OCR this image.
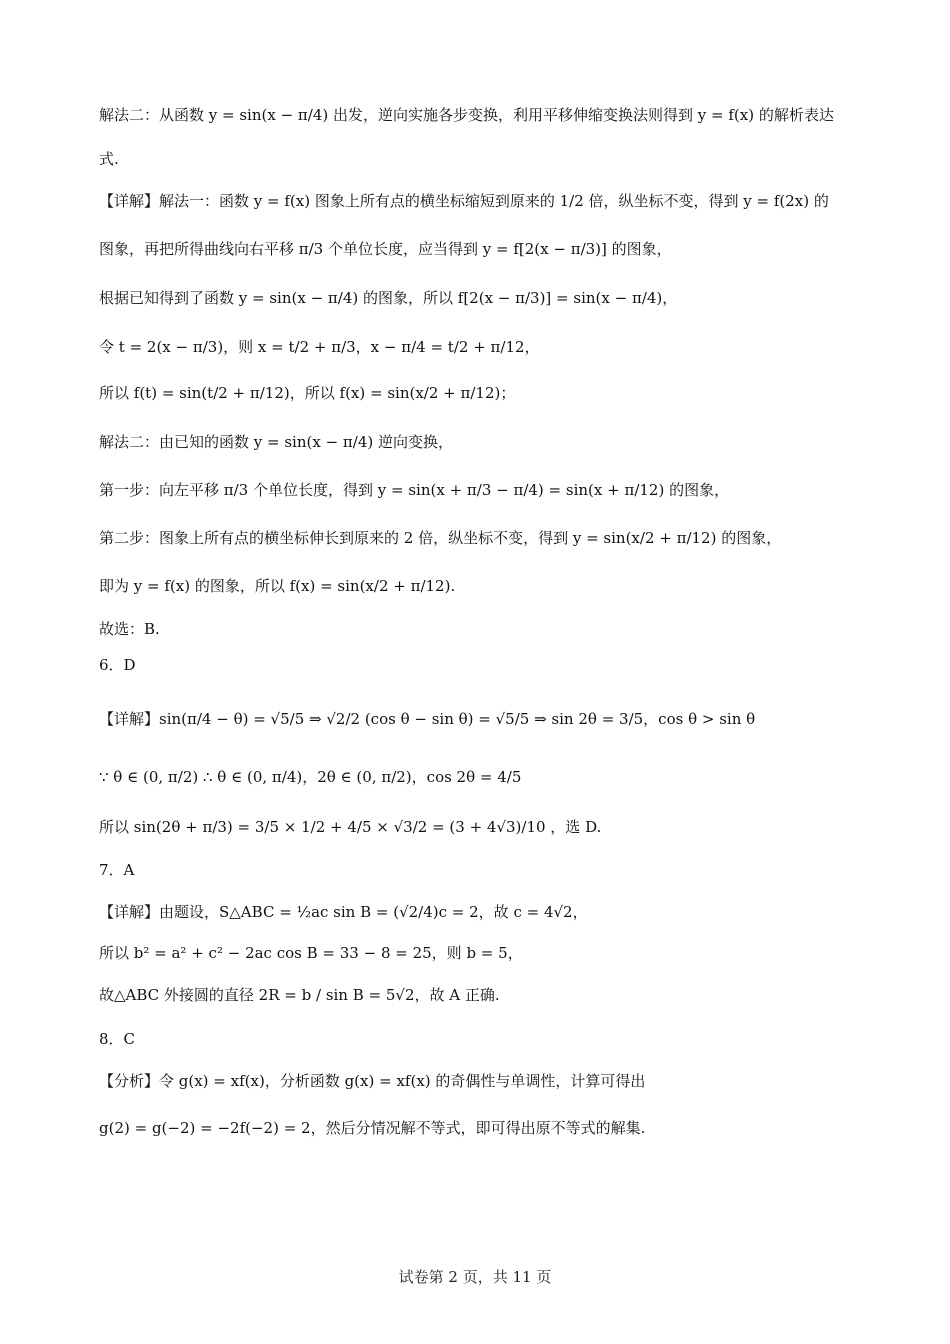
解法二：从函数 y = sin(x − π/4) 出发，逆向实施各步变换，利用平移伸缩变换法则得到 y = f(x) 的解析表达
式.
【详解】解法一：函数 y = f(x) 图象上所有点的横坐标缩短到原来的 1/2 倍，纵坐标不变，得到 y = f(2x) 的
图象，再把所得曲线向右平移 π/3 个单位长度，应当得到 y = f[2(x − π/3)] 的图象，
根据已知得到了函数 y = sin(x − π/4) 的图象，所以 f[2(x − π/3)] = sin(x − π/4)，
令 t = 2(x − π/3)，则 x = t/2 + π/3，x − π/4 = t/2 + π/12，
所以 f(t) = sin(t/2 + π/12)，所以 f(x) = sin(x/2 + π/12)；
解法二：由已知的函数 y = sin(x − π/4) 逆向变换，
第一步：向左平移 π/3 个单位长度，得到 y = sin(x + π/3 − π/4) = sin(x + π/12) 的图象，
第二步：图象上所有点的横坐标伸长到原来的 2 倍，纵坐标不变，得到 y = sin(x/2 + π/12) 的图象，
即为 y = f(x) 的图象，所以 f(x) = sin(x/2 + π/12).
故选：B.
6．D
【详解】sin(π/4 − θ) = √5/5 ⇒ √2/2 (cos θ − sin θ) = √5/5 ⇒ sin 2θ = 3/5，cos θ > sin θ
∵ θ ∈ (0, π/2) ∴ θ ∈ (0, π/4)，2θ ∈ (0, π/2)，cos 2θ = 4/5
所以 sin(2θ + π/3) = 3/5 × 1/2 + 4/5 × √3/2 = (3 + 4√3)/10 ，选 D.
7．A
【详解】由题设，S△ABC = ½ac sin B = (√2/4)c = 2，故 c = 4√2，
所以 b² = a² + c² − 2ac cos B = 33 − 8 = 25，则 b = 5，
故△ABC 外接圆的直径 2R = b / sin B = 5√2，故 A 正确.
8．C
【分析】令 g(x) = xf(x)，分析函数 g(x) = xf(x) 的奇偶性与单调性，计算可得出
g(2) = g(−2) = −2f(−2) = 2，然后分情况解不等式，即可得出原不等式的解集.
试卷第 2 页，共 11 页
